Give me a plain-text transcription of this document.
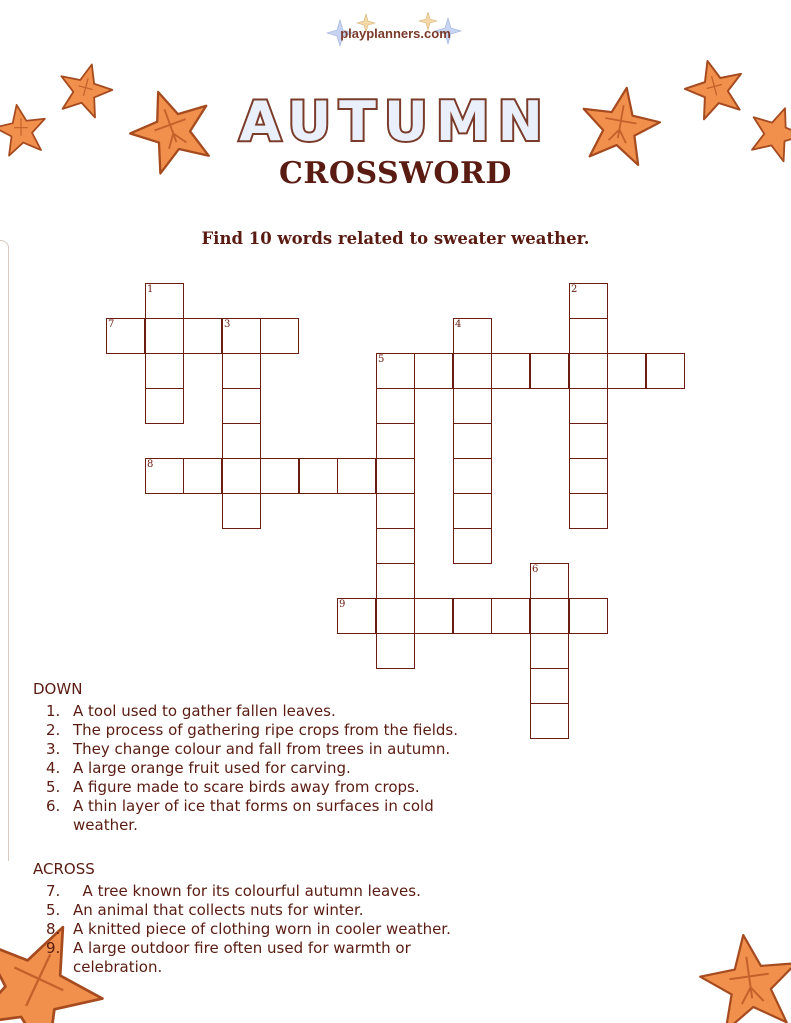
playplanners.com
AUTUMN
CROSSWORD
Find 10 words related to sweater weather.
7	3
1
8
5
4
2
9
6
DOWN
1. A tool used to gather fallen leaves.
2. The process of gathering ripe crops from the fields.
3. They change colour and fall from trees in autumn.
4. A large orange fruit used for carving.
5. A figure made to scare birds away from crops.
6. A thin layer of ice that forms on surfaces in cold weather.
ACROSS
7. A tree known for its colourful autumn leaves.
5. An animal that collects nuts for winter.
8. A knitted piece of clothing worn in cooler weather.
9. A large outdoor fire often used for warmth or celebration.
